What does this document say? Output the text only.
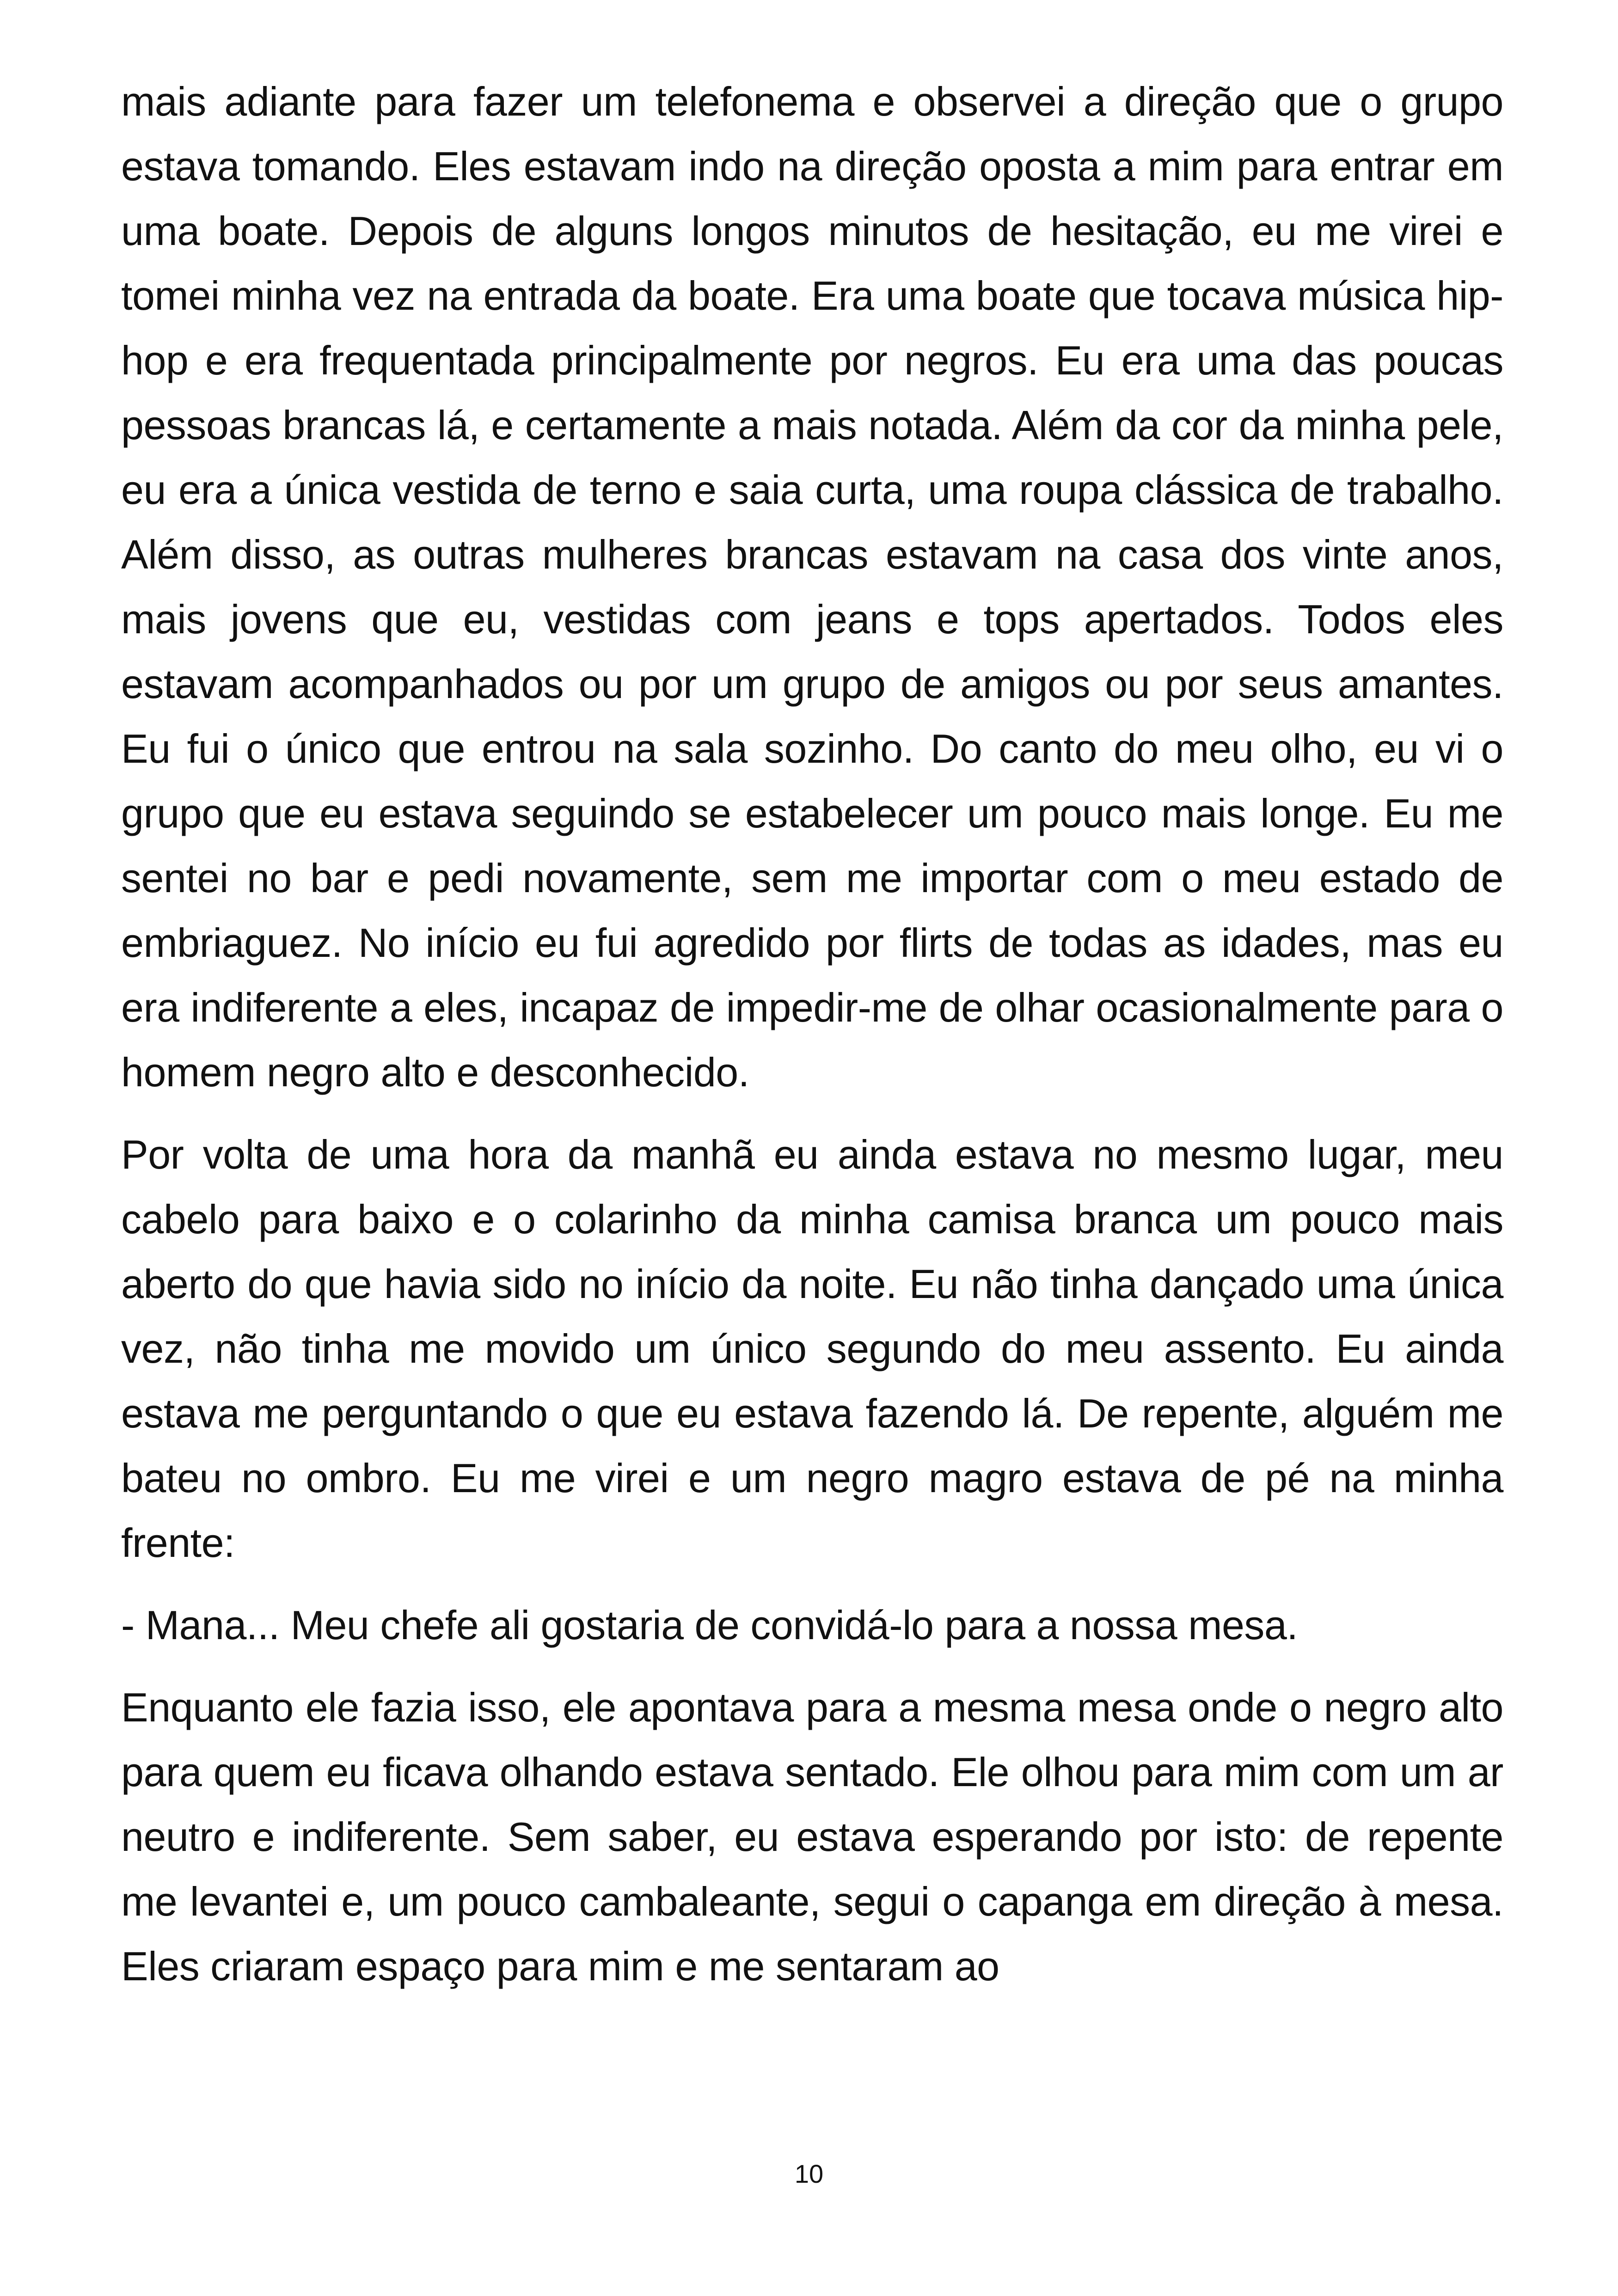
mais adiante para fazer um telefonema e observei a direção que o grupo estava tomando. Eles estavam indo na direção oposta a mim para entrar em uma boate. Depois de alguns longos minutos de hesitação, eu me virei e tomei minha vez na entrada da boate. Era uma boate que tocava música hip-hop e era frequentada principalmente por negros. Eu era uma das poucas pessoas brancas lá, e certamente a mais notada. Além da cor da minha pele, eu era a única vestida de terno e saia curta, uma roupa clássica de trabalho. Além disso, as outras mulheres brancas estavam na casa dos vinte anos, mais jovens que eu, vestidas com jeans e tops apertados. Todos eles estavam acompanhados ou por um grupo de amigos ou por seus amantes. Eu fui o único que entrou na sala sozinho. Do canto do meu olho, eu vi o grupo que eu estava seguindo se estabelecer um pouco mais longe. Eu me sentei no bar e pedi novamente, sem me importar com o meu estado de embriaguez. No início eu fui agredido por flirts de todas as idades, mas eu era indiferente a eles, incapaz de impedir-me de olhar ocasionalmente para o homem negro alto e desconhecido.

Por volta de uma hora da manhã eu ainda estava no mesmo lugar, meu cabelo para baixo e o colarinho da minha camisa branca um pouco mais aberto do que havia sido no início da noite. Eu não tinha dançado uma única vez, não tinha me movido um único segundo do meu assento. Eu ainda estava me perguntando o que eu estava fazendo lá. De repente, alguém me bateu no ombro. Eu me virei e um negro magro estava de pé na minha frente:

- Mana... Meu chefe ali gostaria de convidá-lo para a nossa mesa.

Enquanto ele fazia isso, ele apontava para a mesma mesa onde o negro alto para quem eu ficava olhando estava sentado. Ele olhou para mim com um ar neutro e indiferente. Sem saber, eu estava esperando por isto: de repente me levantei e, um pouco cambaleante, segui o capanga em direção à mesa. Eles criaram espaço para mim e me sentaram ao

10
